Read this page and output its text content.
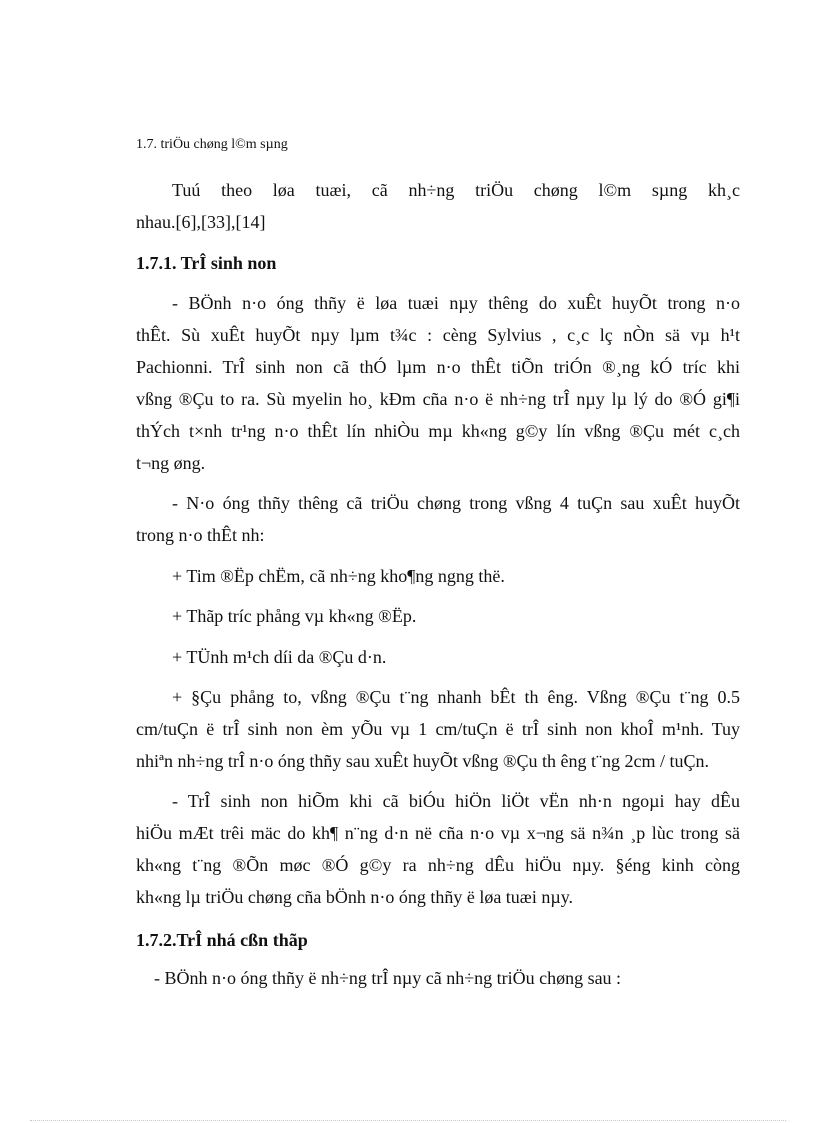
1.7. triÖu chøng l©m sµng
Tuú theo løa tuæi, cã nh÷ng triÖu chøng l©m sµng kh¸c
nhau.[6],[33],[14]
1.7.1. TrÎ sinh non
- BÖnh n·o óng thñy ë løa tuæi nµy thêng do xuÊt huyÕt trong n·o
thÊt. Sù xuÊt huyÕt nµy lµm t¾c : cèng Sylvius , c¸c lç nÒn sä vµ h¹t
Pachionni. TrÎ sinh non cã thÓ lµm n·o thÊt tiÕn triÓn ®¸ng kÓ tríc khi
vßng ®Çu to ra. Sù myelin ho¸ kÐm cña n·o ë nh÷ng trÎ nµy lµ lý do ®Ó gi¶i
thÝch t×nh tr¹ng n·o thÊt lín nhiÒu mµ kh«ng g©y lín vßng ®Çu mét c¸ch
t¬ng øng.
- N·o óng thñy thêng cã triÖu chøng trong vßng 4 tuÇn sau xuÊt huyÕt
trong n·o thÊt nh:
+ Tim ®Ëp chËm, cã nh÷ng kho¶ng ngng thë.
+ Thãp tríc phång vµ kh«ng ®Ëp.
+ TÜnh m¹ch díi da ®Çu d·n.
+ §Çu phång to, vßng ®Çu t¨ng nhanh bÊt th êng. Vßng ®Çu t¨ng 0.5
cm/tuÇn ë trÎ sinh non èm yÕu vµ 1 cm/tuÇn ë trÎ sinh non khoÎ m¹nh. Tuy
nhiªn nh÷ng trÎ n·o óng thñy sau xuÊt huyÕt vßng ®Çu th êng t¨ng 2cm / tuÇn.
- TrÎ sinh non hiÕm khi cã biÓu hiÖn liÖt vËn nh·n ngoµi hay dÊu
hiÖu mÆt trêi mäc do kh¶ n¨ng d·n në cña n·o vµ x¬ng sä n¾n ¸p lùc trong sä
kh«ng t¨ng ®Õn møc ®Ó g©y ra nh÷ng dÊu hiÖu nµy. §éng kinh còng
kh«ng lµ triÖu chøng cña bÖnh n·o óng thñy ë løa tuæi nµy.
1.7.2.TrÎ nhá cßn thãp
- BÖnh n·o óng thñy ë nh÷ng trÎ nµy cã nh÷ng triÖu chøng sau :
